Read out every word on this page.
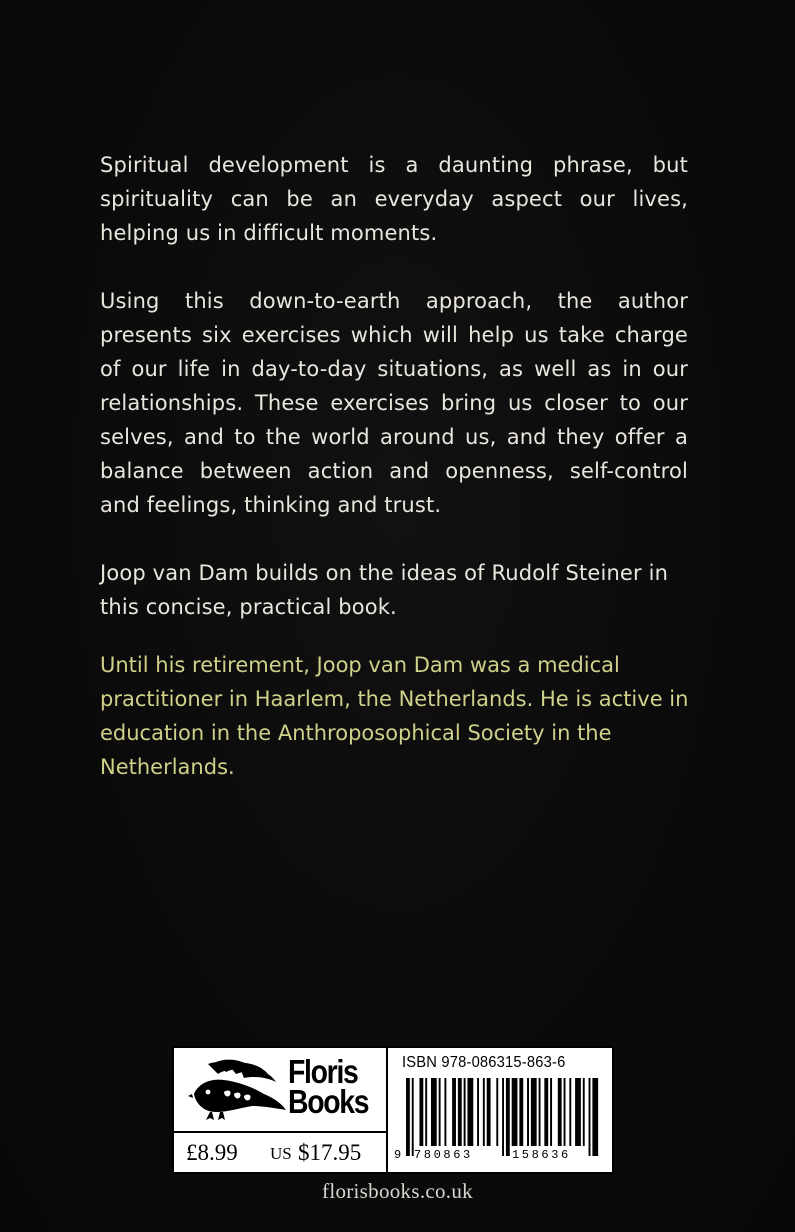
Spiritual development is a daunting phrase, but spirituality can be an everyday aspect our lives, helping us in difficult moments.

Using this down-to-earth approach, the author presents six exercises which will help us take charge of our life in day-to-day situations, as well as in our relationships. These exercises bring us closer to our selves, and to the world around us, and they offer a balance between action and openness, self-control and feelings, thinking and trust.

Joop van Dam builds on the ideas of Rudolf Steiner in this concise, practical book.

Until his retirement, Joop van Dam was a medical practitioner in Haarlem, the Netherlands. He is active in education in the Anthroposophical Society in the Netherlands.

Floris
Books
£8.99 US $17.95
ISBN 978-086315-863-6
9 780863	158636
florisbooks.co.uk
